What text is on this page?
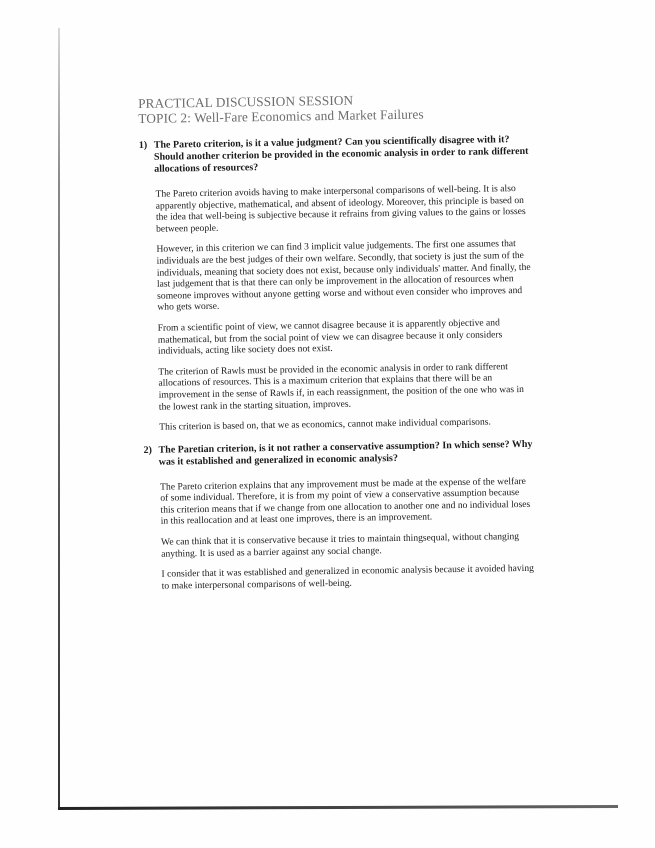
PRACTICAL DISCUSSION SESSION
TOPIC 2: Well-Fare Economics and Market Failures
1) The Pareto criterion, is it a value judgment? Can you scientifically disagree with it? Should another criterion be provided in the economic analysis in order to rank different allocations of resources?

The Pareto criterion avoids having to make interpersonal comparisons of well-being. It is also apparently objective, mathematical, and absent of ideology. Moreover, this principle is based on the idea that well-being is subjective because it refrains from giving values to the gains or losses between people.

However, in this criterion we can find 3 implicit value judgements. The first one assumes that individuals are the best judges of their own welfare. Secondly, that society is just the sum of the individuals, meaning that society does not exist, because only individuals' matter. And finally, the last judgement that is that there can only be improvement in the allocation of resources when someone improves without anyone getting worse and without even consider who improves and who gets worse.

From a scientific point of view, we cannot disagree because it is apparently objective and mathematical, but from the social point of view we can disagree because it only considers individuals, acting like society does not exist.

The criterion of Rawls must be provided in the economic analysis in order to rank different allocations of resources. This is a maximum criterion that explains that there will be an improvement in the sense of Rawls if, in each reassignment, the position of the one who was in the lowest rank in the starting situation, improves.

This criterion is based on, that we as economics, cannot make individual comparisons.

2) The Paretian criterion, is it not rather a conservative assumption? In which sense? Why was it established and generalized in economic analysis?

The Pareto criterion explains that any improvement must be made at the expense of the welfare of some individual. Therefore, it is from my point of view a conservative assumption because this criterion means that if we change from one allocation to another one and no individual loses in this reallocation and at least one improves, there is an improvement.

We can think that it is conservative because it tries to maintain thingsequal, without changing anything. It is used as a barrier against any social change.

I consider that it was established and generalized in economic analysis because it avoided having to make interpersonal comparisons of well-being.
